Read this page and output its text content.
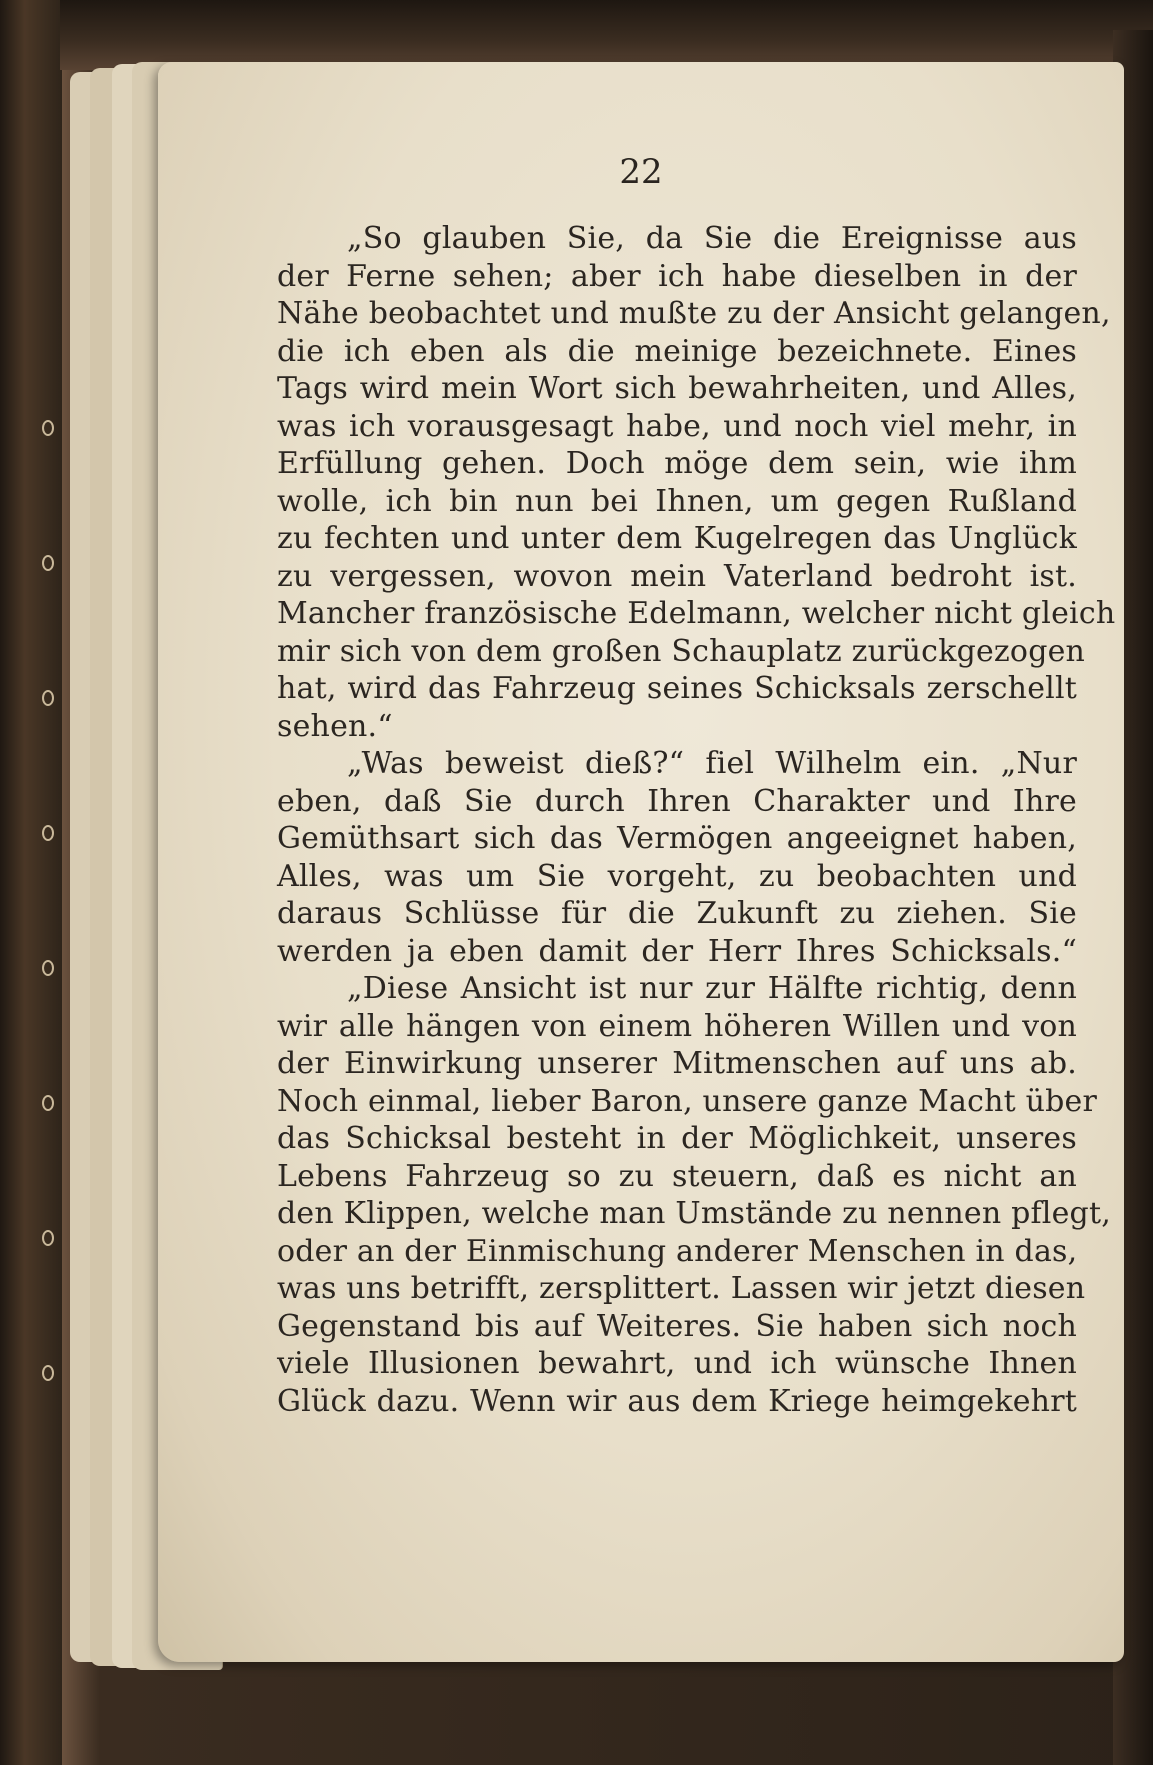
22
„So glauben Sie, da Sie die Ereignisse aus
der Ferne sehen; aber ich habe dieselben in der
Nähe beobachtet und mußte zu der Ansicht gelangen,
die ich eben als die meinige bezeichnete. Eines
Tags wird mein Wort sich bewahrheiten, und Alles,
was ich vorausgesagt habe, und noch viel mehr, in
Erfüllung gehen. Doch möge dem sein, wie ihm
wolle, ich bin nun bei Ihnen, um gegen Rußland
zu fechten und unter dem Kugelregen das Unglück
zu vergessen, wovon mein Vaterland bedroht ist.
Mancher französische Edelmann, welcher nicht gleich
mir sich von dem großen Schauplatz zurückgezogen
hat, wird das Fahrzeug seines Schicksals zerschellt
sehen.“
„Was beweist dieß?“ fiel Wilhelm ein. „Nur
eben, daß Sie durch Ihren Charakter und Ihre
Gemüthsart sich das Vermögen angeeignet haben,
Alles, was um Sie vorgeht, zu beobachten und
daraus Schlüsse für die Zukunft zu ziehen. Sie
werden ja eben damit der Herr Ihres Schicksals.“
„Diese Ansicht ist nur zur Hälfte richtig, denn
wir alle hängen von einem höheren Willen und von
der Einwirkung unserer Mitmenschen auf uns ab.
Noch einmal, lieber Baron, unsere ganze Macht über
das Schicksal besteht in der Möglichkeit, unseres
Lebens Fahrzeug so zu steuern, daß es nicht an
den Klippen, welche man Umstände zu nennen pflegt,
oder an der Einmischung anderer Menschen in das,
was uns betrifft, zersplittert. Lassen wir jetzt diesen
Gegenstand bis auf Weiteres. Sie haben sich noch
viele Illusionen bewahrt, und ich wünsche Ihnen
Glück dazu. Wenn wir aus dem Kriege heimgekehrt
